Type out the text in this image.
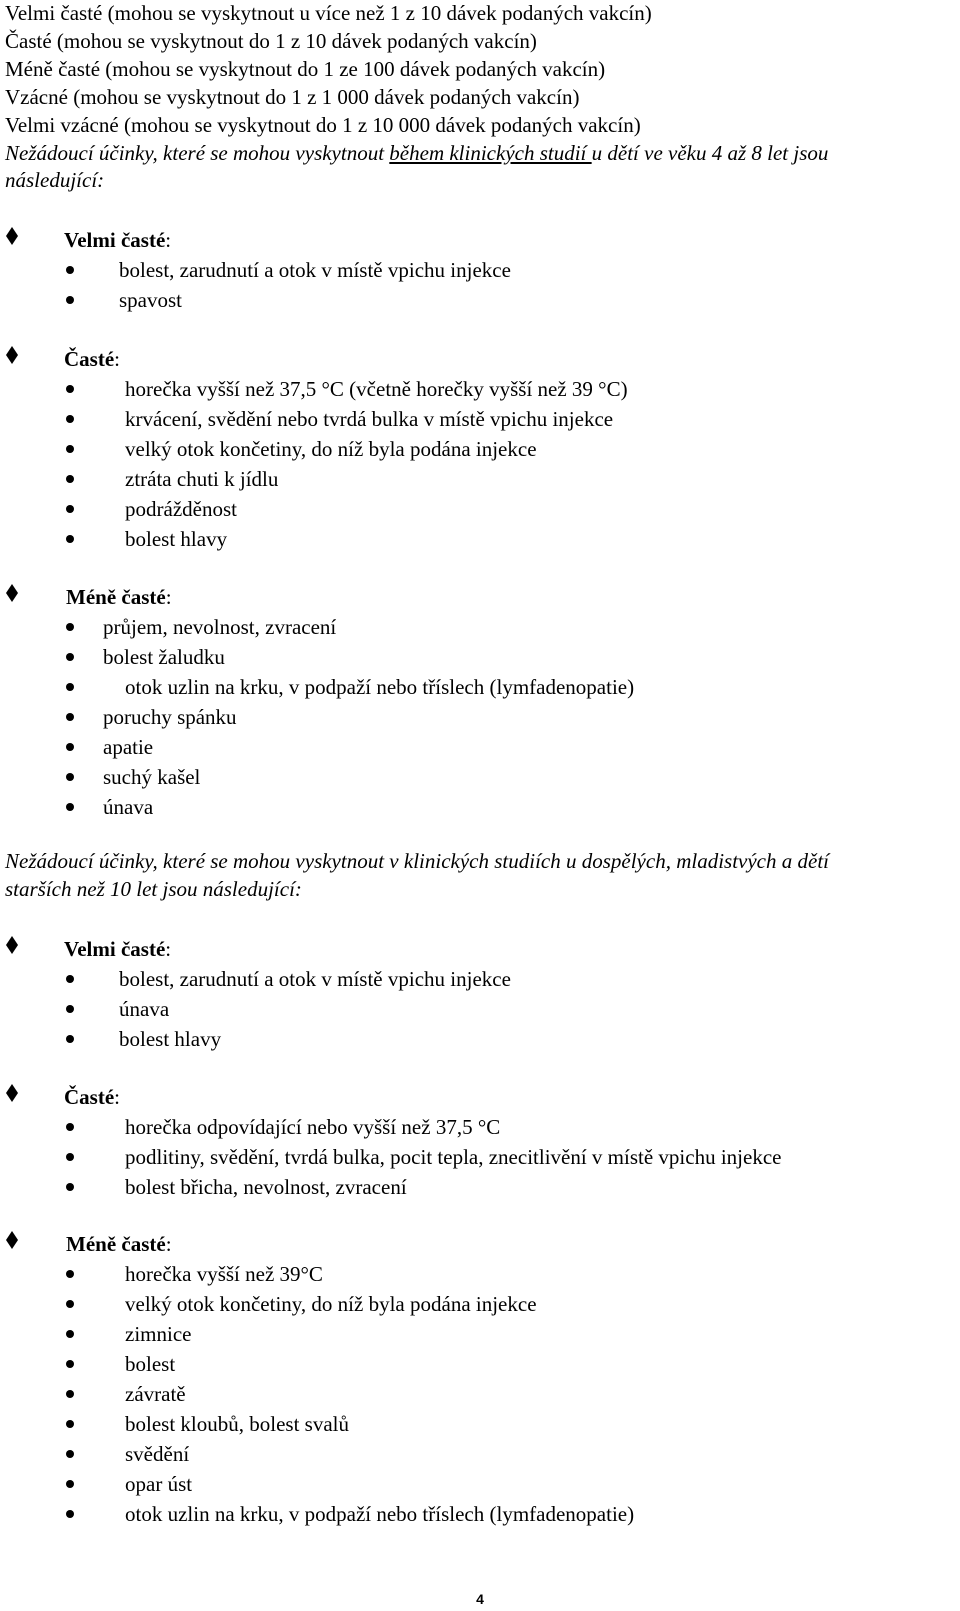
Velmi časté (mohou se vyskytnout u více než 1 z 10 dávek podaných vakcín)
Časté (mohou se vyskytnout do 1 z 10 dávek podaných vakcín)
Méně časté (mohou se vyskytnout do 1 ze 100 dávek podaných vakcín)
Vzácné (mohou se vyskytnout do 1 z 1 000 dávek podaných vakcín)
Velmi vzácné (mohou se vyskytnout do 1 z 10 000 dávek podaných vakcín)
Nežádoucí účinky, které se mohou vyskytnout během klinických studií u dětí ve věku 4 až 8 let jsou
následující:
Velmi časté:
bolest, zarudnutí a otok v místě vpichu injekce
spavost
Časté:
horečka vyšší než 37,5 °C (včetně horečky vyšší než 39 °C)
krvácení, svědění nebo tvrdá bulka v místě vpichu injekce
velký otok končetiny, do níž byla podána injekce
ztráta chuti k jídlu
podrážděnost
bolest hlavy
Méně časté:
průjem, nevolnost, zvracení
bolest žaludku
otok uzlin na krku, v podpaží nebo tříslech (lymfadenopatie)
poruchy spánku
apatie
suchý kašel
únava
Nežádoucí účinky, které se mohou vyskytnout v klinických studiích u dospělých, mladistvých a dětí
starších než 10 let jsou následující:
Velmi časté:
bolest, zarudnutí a otok v místě vpichu injekce
únava
bolest hlavy
Časté:
horečka odpovídající nebo vyšší než 37,5 °C
podlitiny, svědění, tvrdá bulka, pocit tepla, znecitlivění v místě vpichu injekce
bolest břicha, nevolnost, zvracení
Méně časté:
horečka vyšší než 39°C
velký otok končetiny, do níž byla podána injekce
zimnice
bolest
závratě
bolest kloubů, bolest svalů
svědění
opar úst
otok uzlin na krku, v podpaží nebo tříslech (lymfadenopatie)
4
